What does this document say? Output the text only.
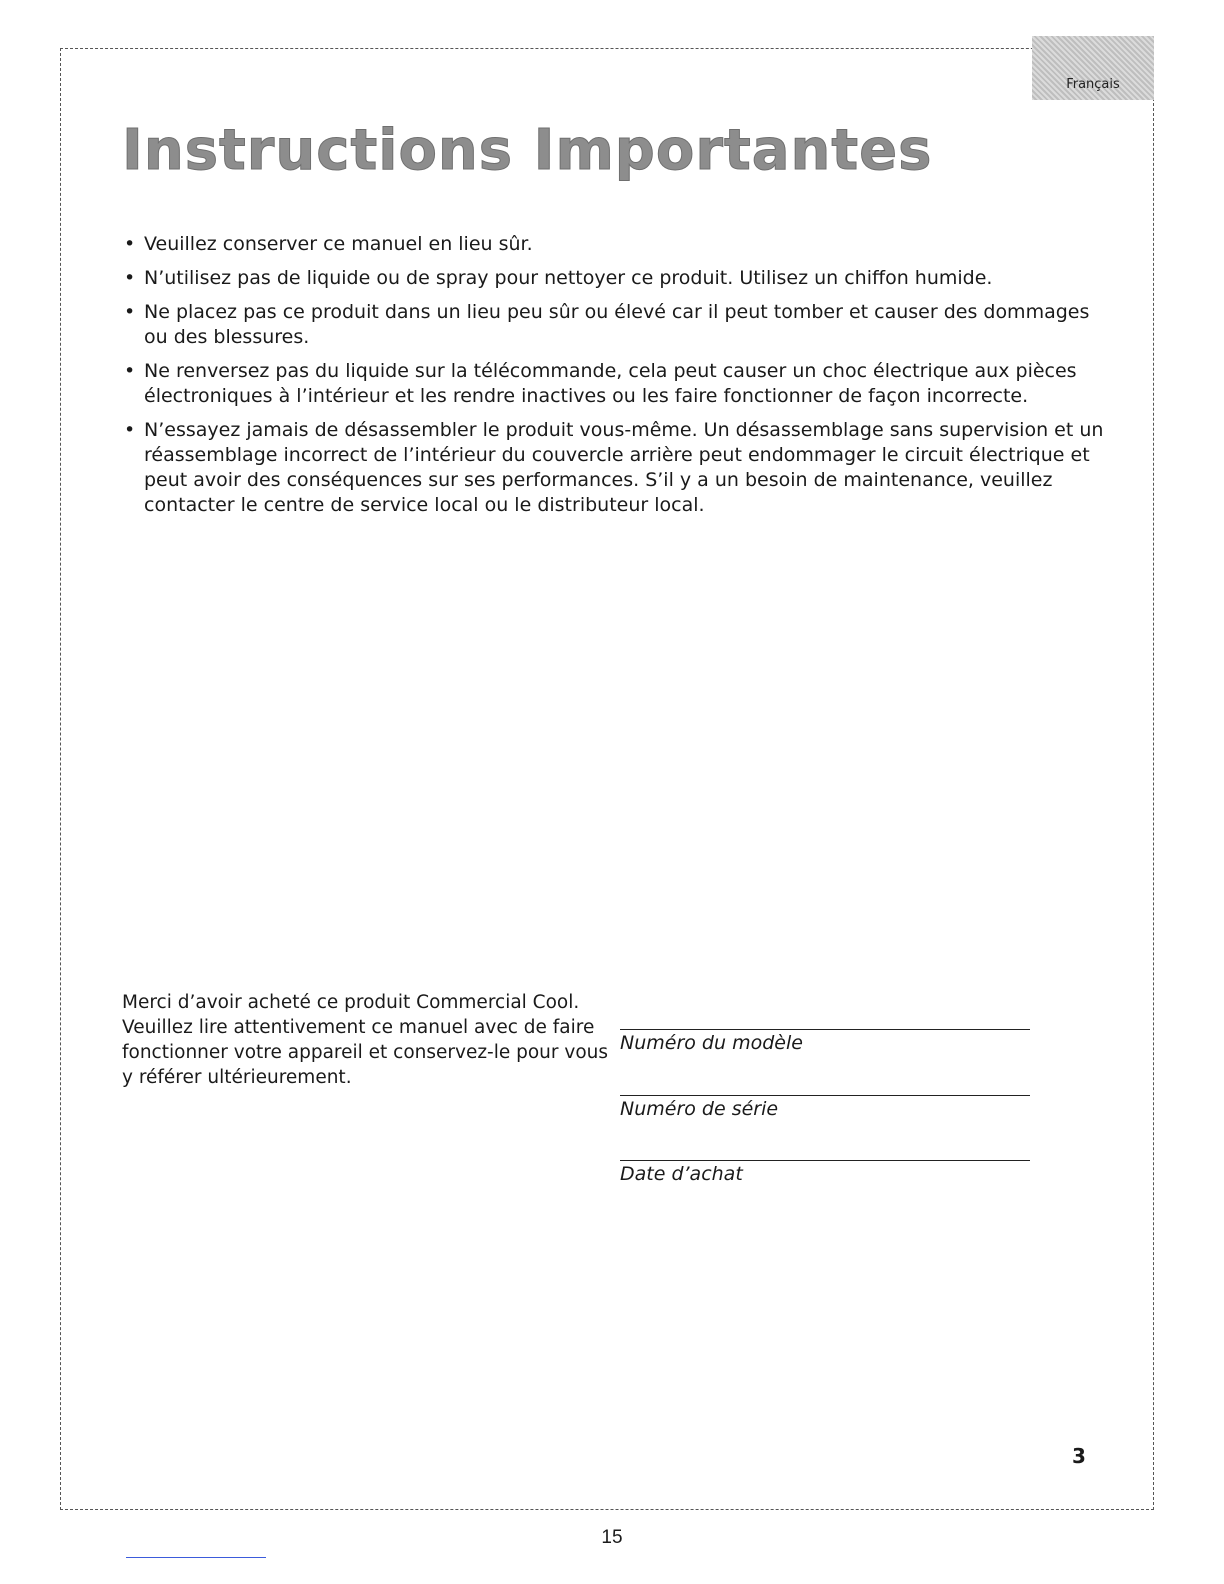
Français
Instructions Importantes
• Veuillez conserver ce manuel en lieu sûr.
• N’utilisez pas de liquide ou de spray pour nettoyer ce produit. Utilisez un chiffon humide.
• Ne placez pas ce produit dans un lieu peu sûr ou élevé car il peut tomber et causer des dommages ou des blessures.
• Ne renversez pas du liquide sur la télécommande, cela peut causer un choc électrique aux pièces électroniques à l’intérieur et les rendre inactives ou les faire fonctionner de façon incorrecte.
• N’essayez jamais de désassembler le produit vous-même. Un désassemblage sans supervision et un réassemblage incorrect de l’intérieur du couvercle arrière peut endommager le circuit électrique et peut avoir des conséquences sur ses performances. S’il y a un besoin de maintenance, veuillez contacter le centre de service local ou le distributeur local.

Merci d’avoir acheté ce produit Commercial Cool. Veuillez lire attentivement ce manuel avec de faire fonctionner votre appareil et conservez-le pour vous y référer ultérieurement.

Numéro du modèle
Numéro de série
Date d’achat
3
15
